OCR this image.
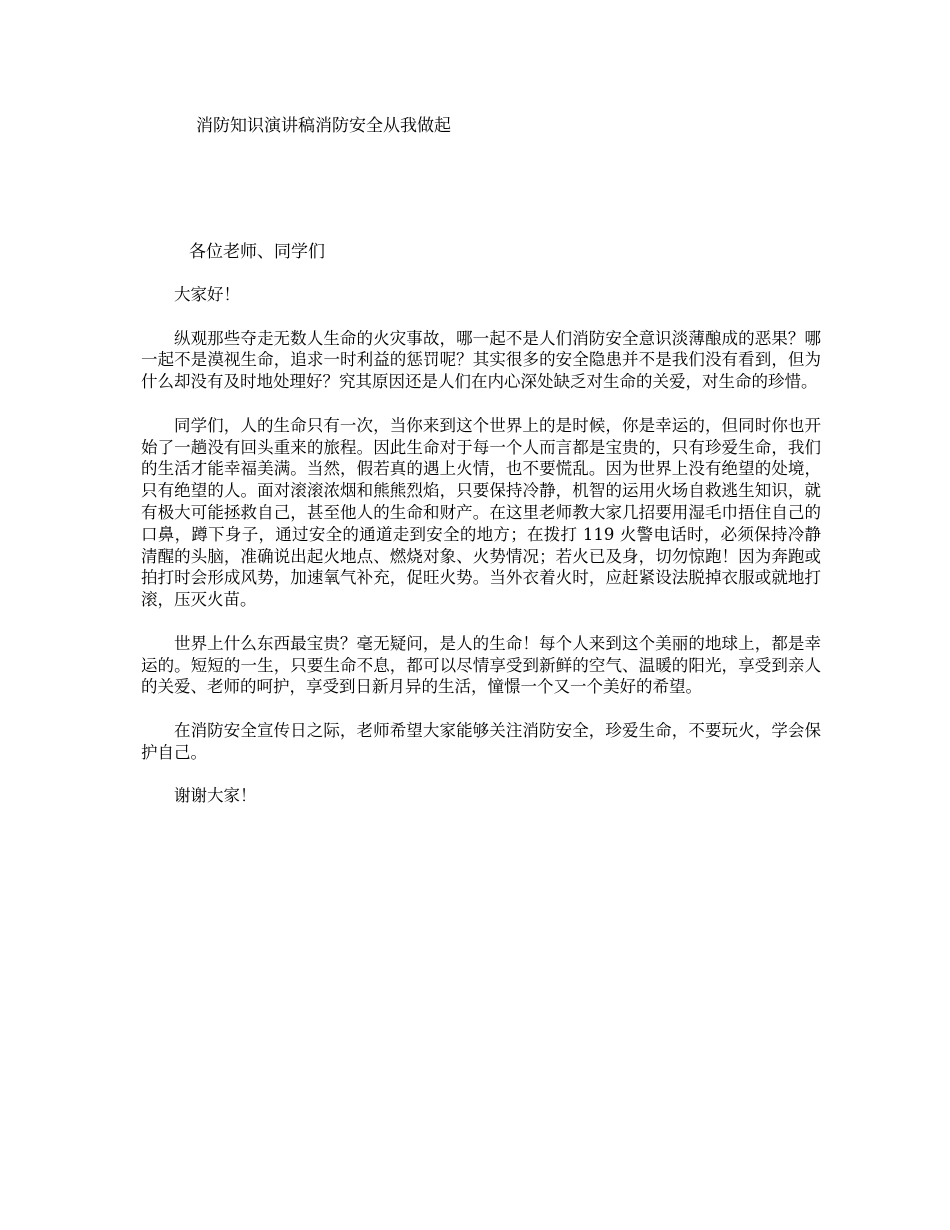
消防知识演讲稿消防安全从我做起
各位老师、同学们

大家好！

纵观那些夺走无数人生命的火灾事故，哪一起不是人们消防安全意识淡薄酿成的恶果？哪一起不是漠视生命，追求一时利益的惩罚呢？其实很多的安全隐患并不是我们没有看到，但为什么却没有及时地处理好？究其原因还是人们在内心深处缺乏对生命的关爱，对生命的珍惜。

同学们，人的生命只有一次，当你来到这个世界上的是时候，你是幸运的，但同时你也开始了一趟没有回头重来的旅程。因此生命对于每一个人而言都是宝贵的，只有珍爱生命，我们的生活才能幸福美满。当然，假若真的遇上火情，也不要慌乱。因为世界上没有绝望的处境，只有绝望的人。面对滚滚浓烟和熊熊烈焰，只要保持冷静，机智的运用火场自救逃生知识，就有极大可能拯救自己，甚至他人的生命和财产。在这里老师教大家几招要用湿毛巾捂住自己的口鼻，蹲下身子，通过安全的通道走到安全的地方；在拨打 119 火警电话时，必须保持冷静清醒的头脑，准确说出起火地点、燃烧对象、火势情况；若火已及身，切勿惊跑！因为奔跑或拍打时会形成风势，加速氧气补充，促旺火势。当外衣着火时，应赶紧设法脱掉衣服或就地打滚，压灭火苗。

世界上什么东西最宝贵？毫无疑问，是人的生命！每个人来到这个美丽的地球上，都是幸运的。短短的一生，只要生命不息，都可以尽情享受到新鲜的空气、温暖的阳光，享受到亲人的关爱、老师的呵护，享受到日新月异的生活，憧憬一个又一个美好的希望。

在消防安全宣传日之际，老师希望大家能够关注消防安全，珍爱生命，不要玩火，学会保护自己。

谢谢大家！
